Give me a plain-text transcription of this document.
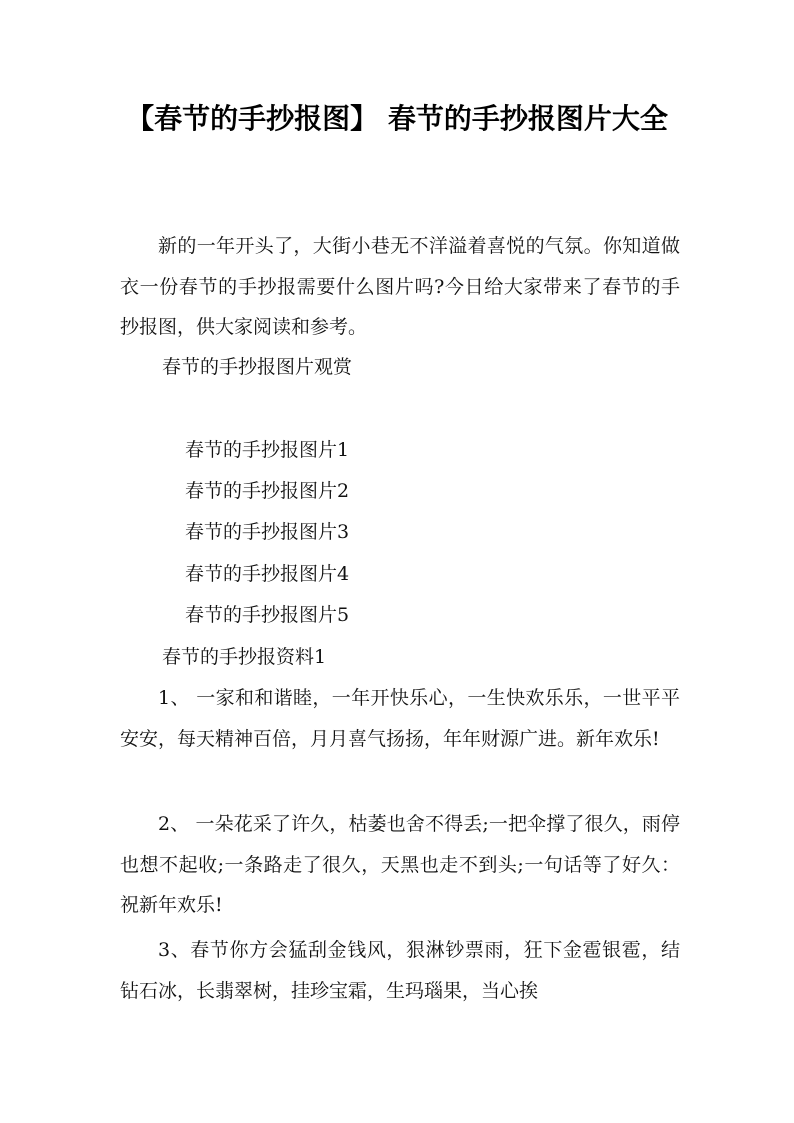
【春节的手抄报图】 春节的手抄报图片大全

新的一年开头了，大街小巷无不洋溢着喜悦的气氛。你知道做衣一份春节的手抄报需要什么图片吗?今日给大家带来了春节的手抄报图，供大家阅读和参考。

春节的手抄报图片观赏
春节的手抄报图片1
春节的手抄报图片2
春节的手抄报图片3
春节的手抄报图片4
春节的手抄报图片5
春节的手抄报资料1

1、 一家和和谐睦，一年开快乐心，一生快欢乐乐，一世平平安安，每天精神百倍，月月喜气扬扬，年年财源广进。新年欢乐!

2、 一朵花采了许久，枯萎也舍不得丢;一把伞撑了很久，雨停也想不起收;一条路走了很久，天黑也走不到头;一句话等了好久：祝新年欢乐!

3、春节你方会猛刮金钱风，狠淋钞票雨，狂下金雹银雹，结钻石冰，长翡翠树，挂珍宝霜，生玛瑙果，当心挨
